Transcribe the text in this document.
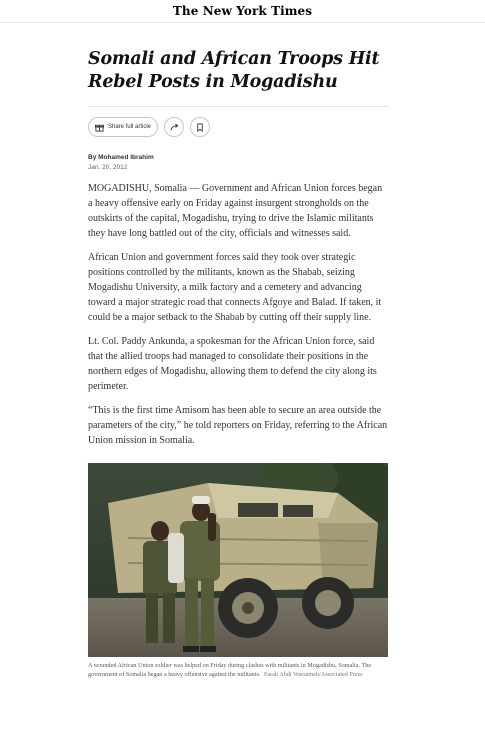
The New York Times
Somali and African Troops Hit Rebel Posts in Mogadishu
Share full article
By Mohamed Ibrahim
Jan. 20, 2012

MOGADISHU, Somalia — Government and African Union forces began a heavy offensive early on Friday against insurgent strongholds on the outskirts of the capital, Mogadishu, trying to drive the Islamic militants they have long battled out of the city, officials and witnesses said.

African Union and government forces said they took over strategic positions controlled by the militants, known as the Shabab, seizing Mogadishu University, a milk factory and a cemetery and advancing toward a major strategic road that connects Afgoye and Balad. If taken, it could be a major setback to the Shabab by cutting off their supply line.

Lt. Col. Paddy Ankunda, a spokesman for the African Union force, said that the allied troops had managed to consolidate their positions in the northern edges of Mogadishu, allowing them to defend the city along its perimeter.

“This is the first time Amisom has been able to secure an area outside the parameters of the city,” he told reporters on Friday, referring to the African Union mission in Somalia.

A wounded African Union soldier was helped on Friday during clashes with militants in Mogadishu, Somalia. The government of Somalia began a heavy offensive against the militants. Farah Abdi Warsameh/Associated Press
